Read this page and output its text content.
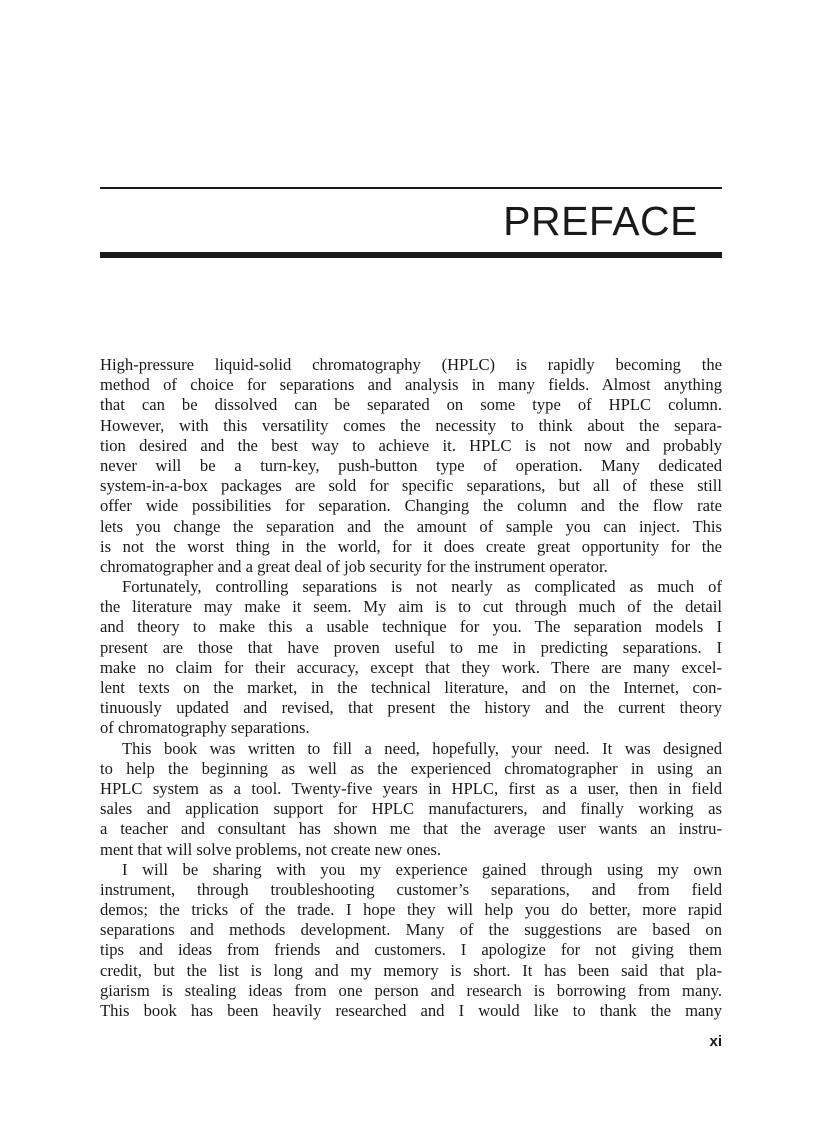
PREFACE
High-pressure liquid-solid chromatography (HPLC) is rapidly becoming the
method of choice for separations and analysis in many fields. Almost anything
that can be dissolved can be separated on some type of HPLC column.
However, with this versatility comes the necessity to think about the separa-
tion desired and the best way to achieve it. HPLC is not now and probably
never will be a turn-key, push-button type of operation. Many dedicated
system-in-a-box packages are sold for specific separations, but all of these still
offer wide possibilities for separation. Changing the column and the flow rate
lets you change the separation and the amount of sample you can inject. This
is not the worst thing in the world, for it does create great opportunity for the
chromatographer and a great deal of job security for the instrument operator.
Fortunately, controlling separations is not nearly as complicated as much of
the literature may make it seem. My aim is to cut through much of the detail
and theory to make this a usable technique for you. The separation models I
present are those that have proven useful to me in predicting separations. I
make no claim for their accuracy, except that they work. There are many excel-
lent texts on the market, in the technical literature, and on the Internet, con-
tinuously updated and revised, that present the history and the current theory
of chromatography separations.
This book was written to fill a need, hopefully, your need. It was designed
to help the beginning as well as the experienced chromatographer in using an
HPLC system as a tool. Twenty-five years in HPLC, first as a user, then in field
sales and application support for HPLC manufacturers, and finally working as
a teacher and consultant has shown me that the average user wants an instru-
ment that will solve problems, not create new ones.
I will be sharing with you my experience gained through using my own
instrument, through troubleshooting customer’s separations, and from field
demos; the tricks of the trade. I hope they will help you do better, more rapid
separations and methods development. Many of the suggestions are based on
tips and ideas from friends and customers. I apologize for not giving them
credit, but the list is long and my memory is short. It has been said that pla-
giarism is stealing ideas from one person and research is borrowing from many.
This book has been heavily researched and I would like to thank the many
xi
